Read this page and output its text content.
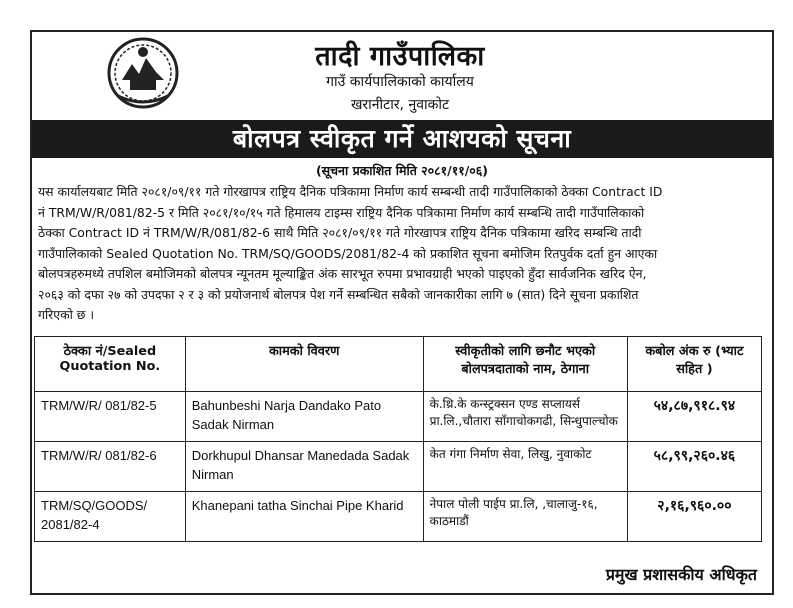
तादी गाउँपालिका
गाउँ कार्यपालिकाको कार्यालय
खरानीटार, नुवाकोट
बोलपत्र स्वीकृत गर्ने आशयको सूचना
(सूचना प्रकाशित मिति २०८१/११/०६)
यस कार्यालयबाट मिति २०८१/०९/११ गते गोरखापत्र राष्ट्रिय दैनिक पत्रिकामा निर्माण कार्य सम्बन्धी तादी गाउँपालिकाको ठेक्का Contract ID
नं TRM/W/R/081/82-5 र मिति २०८१/१०/१५ गते हिमालय टाइम्स राष्ट्रिय दैनिक पत्रिकामा निर्माण कार्य सम्बन्धि तादी गाउँपालिकाको
ठेक्का Contract ID नं TRM/W/R/081/82-6 साथै मिति २०८१/०९/११ गते गोरखापत्र राष्ट्रिय दैनिक पत्रिकामा खरिद सम्बन्धि तादी
गाउँपालिकाको Sealed Quotation No. TRM/SQ/GOODS/2081/82-4 को प्रकाशित सूचना बमोजिम रितपुर्वक दर्ता हुन आएका
बोलपत्रहरुमध्ये तपशिल बमोजिमको बोलपत्र न्यूनतम मूल्याङ्कित अंक सारभूत रुपमा प्रभावग्राही भएको पाइएको हुँदा सार्वजनिक खरिद ऐन,
२०६३ को दफा २७ को उपदफा २ र ३ को प्रयोजनार्थ बोलपत्र पेश गर्ने सम्बन्धित सबैको जानकारीका लागि ७ (सात) दिने सूचना प्रकाशित
गरिएको छ ।
ठेक्का नं/Sealed Quotation No.	कामको विवरण	स्वीकृतीको लागि छनौट भएको बोलपत्रदाताको नाम, ठेगाना	कबोल अंक रु (भ्याट सहित )
TRM/W/R/ 081/82-5	Bahunbeshi Narja Dandako Pato Sadak Nirman	के.थ्रि.के कन्स्ट्रक्सन एण्ड सप्लायर्स प्रा.लि.,चौतारा साँगाचोकगढी, सिन्धुपाल्चोक	५४,८७,९१८.९४
TRM/W/R/ 081/82-6	Dorkhupul Dhansar Manedada Sadak Nirman	केत गंगा निर्माण सेवा, लिखु, नुवाकोट	५८,९९,२६०.४६
TRM/SQ/GOODS/ 2081/82-4	Khanepani tatha Sinchai Pipe Kharid	नेपाल पोली पाईप प्रा.लि, ,चालाजु-१६, काठमाडौं	२,१६,९६०.००
प्रमुख प्रशासकीय अधिकृत
